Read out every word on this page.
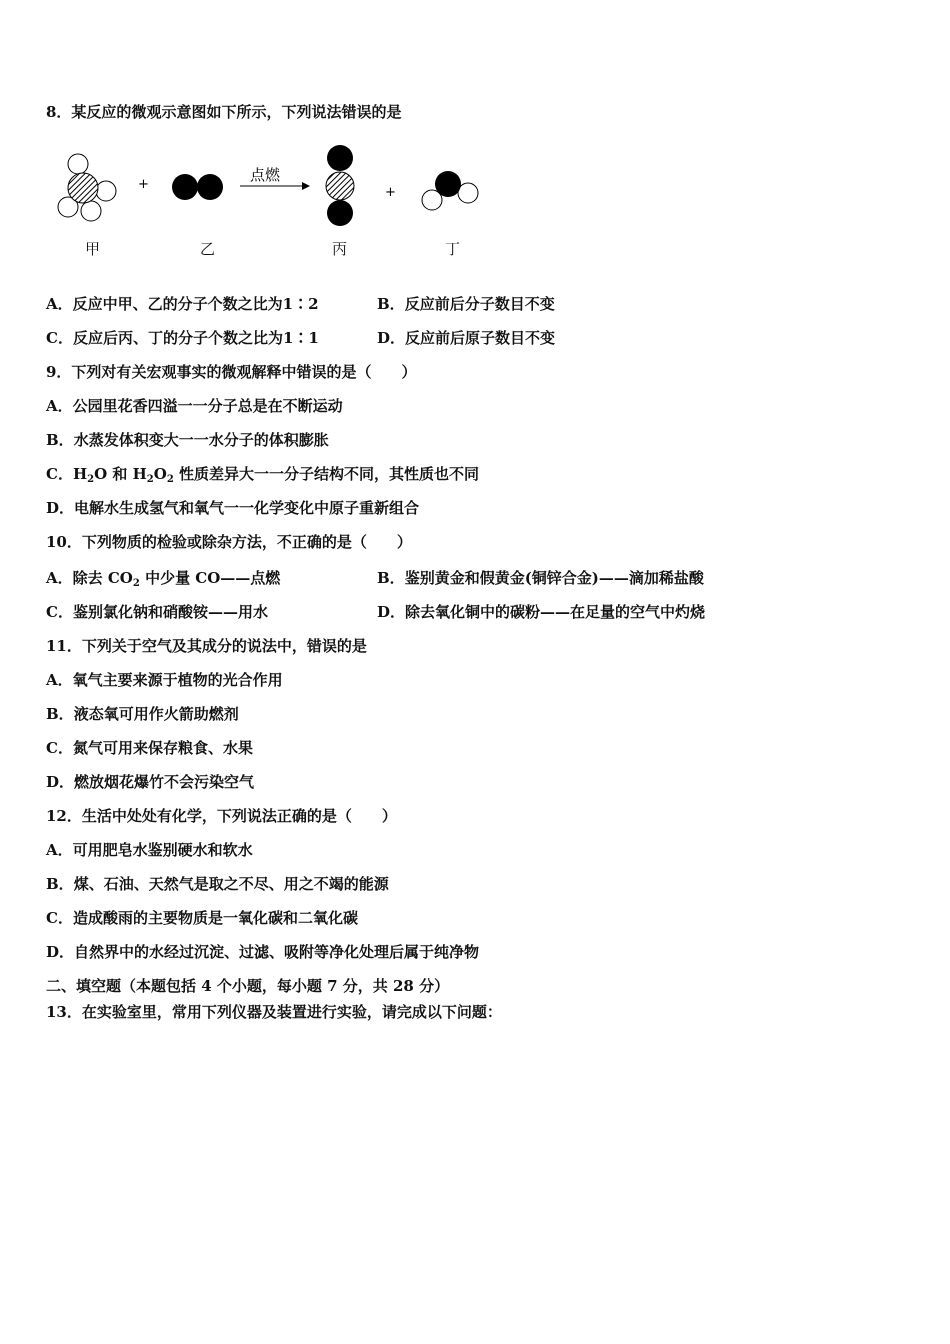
8．某反应的微观示意图如下所示，下列说法错误的是
+
点燃
+
甲	乙	丙	丁
A．反应中甲、乙的分子个数之比为1∶2	B．反应前后分子数目不变
C．反应后丙、丁的分子个数之比为1∶1	D．反应前后原子数目不变
9．下列对有关宏观事实的微观解释中错误的是（　　）
A．公园里花香四溢一一分子总是在不断运动
B．水蒸发体积变大一一水分子的体积膨胀
C．$H_2O$ 和 $H_2O_2$ 性质差异大一一分子结构不同，其性质也不同
D．电解水生成氢气和氧气一一化学变化中原子重新组合
10．下列物质的检验或除杂方法，不正确的是（　　）
A．除去 $CO_2$ 中少量 CO——点燃	B．鉴别黄金和假黄金(铜锌合金)——滴加稀盐酸
C．鉴别氯化钠和硝酸铵——用水	D．除去氧化铜中的碳粉——在足量的空气中灼烧
11．下列关于空气及其成分的说法中，错误的是
A．氧气主要来源于植物的光合作用
B．液态氧可用作火箭助燃剂
C．氮气可用来保存粮食、水果
D．燃放烟花爆竹不会污染空气
12．生活中处处有化学，下列说法正确的是（　　）
A．可用肥皂水鉴别硬水和软水
B．煤、石油、天然气是取之不尽、用之不竭的能源
C．造成酸雨的主要物质是一氧化碳和二氧化碳
D．自然界中的水经过沉淀、过滤、吸附等净化处理后属于纯净物
二、填空题（本题包括 4 个小题，每小题 7 分，共 28 分）
13．在实验室里，常用下列仪器及装置进行实验，请完成以下问题：
